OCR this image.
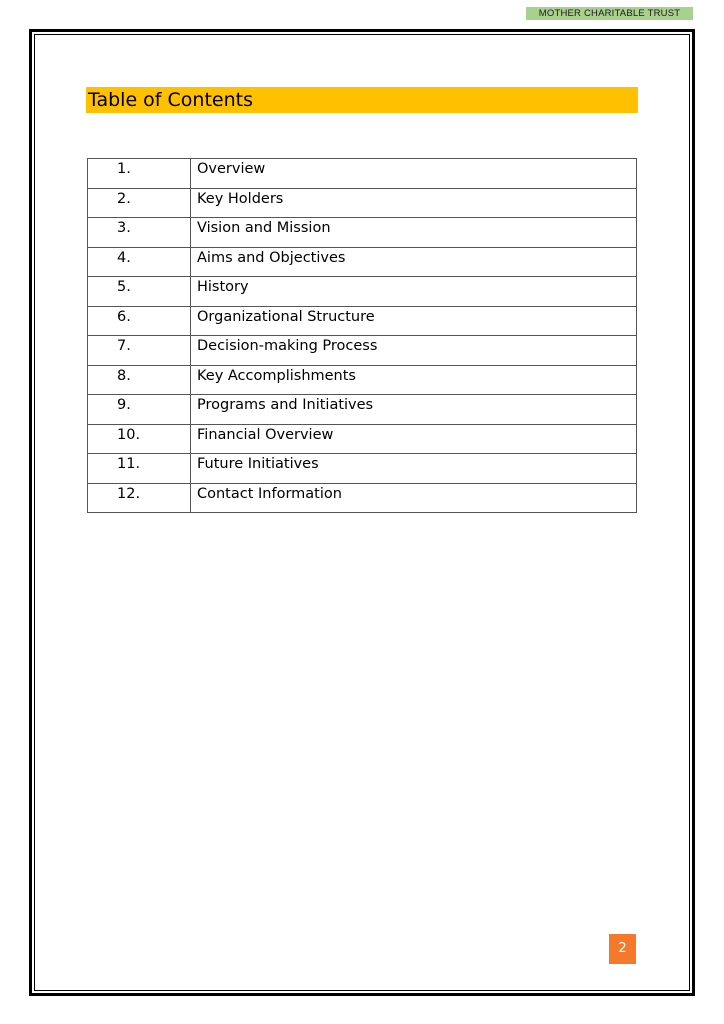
MOTHER CHARITABLE TRUST
Table of Contents
1.	Overview
2.	Key Holders
3.	Vision and Mission
4.	Aims and Objectives
5.	History
6.	Organizational Structure
7.	Decision-making Process
8.	Key Accomplishments
9.	Programs and Initiatives
10.	Financial Overview
11.	Future Initiatives
12.	Contact Information
2
